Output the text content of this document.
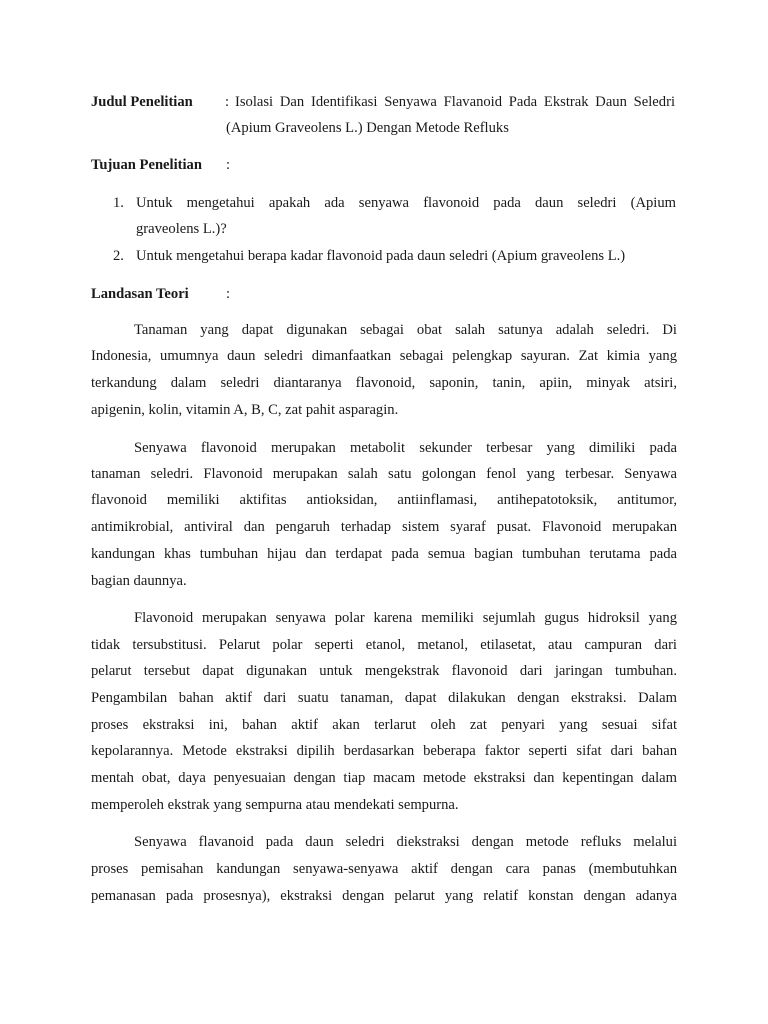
Judul Penelitian : Isolasi Dan Identifikasi Senyawa Flavanoid Pada Ekstrak Daun Seledri
(Apium Graveolens L.) Dengan Metode Refluks
Tujuan Penelitian :
1. Untuk mengetahui apakah ada senyawa flavonoid pada daun seledri (Apium
graveolens L.)?
2. Untuk mengetahui berapa kadar flavonoid pada daun seledri (Apium graveolens L.)
Landasan Teori	:
Tanaman yang dapat digunakan sebagai obat salah satunya adalah seledri. Di
Indonesia, umumnya daun seledri dimanfaatkan sebagai pelengkap sayuran. Zat kimia yang
terkandung dalam seledri diantaranya flavonoid, saponin, tanin, apiin, minyak atsiri,
apigenin, kolin, vitamin A, B, C, zat pahit asparagin.
Senyawa flavonoid merupakan metabolit sekunder terbesar yang dimiliki pada
tanaman seledri. Flavonoid merupakan salah satu golongan fenol yang terbesar. Senyawa
flavonoid memiliki aktifitas antioksidan, antiinflamasi, antihepatotoksik, antitumor,
antimikrobial, antiviral dan pengaruh terhadap sistem syaraf pusat. Flavonoid merupakan
kandungan khas tumbuhan hijau dan terdapat pada semua bagian tumbuhan terutama pada
bagian daunnya.
Flavonoid merupakan senyawa polar karena memiliki sejumlah gugus hidroksil yang
tidak tersubstitusi. Pelarut polar seperti etanol, metanol, etilasetat, atau campuran dari
pelarut tersebut dapat digunakan untuk mengekstrak flavonoid dari jaringan tumbuhan.
Pengambilan bahan aktif dari suatu tanaman, dapat dilakukan dengan ekstraksi. Dalam
proses ekstraksi ini, bahan aktif akan terlarut oleh zat penyari yang sesuai sifat
kepolarannya. Metode ekstraksi dipilih berdasarkan beberapa faktor seperti sifat dari bahan
mentah obat, daya penyesuaian dengan tiap macam metode ekstraksi dan kepentingan dalam
memperoleh ekstrak yang sempurna atau mendekati sempurna.
Senyawa flavanoid pada daun seledri diekstraksi dengan metode refluks melalui
proses pemisahan kandungan senyawa-senyawa aktif dengan cara panas (membutuhkan
pemanasan pada prosesnya), ekstraksi dengan pelarut yang relatif konstan dengan adanya
